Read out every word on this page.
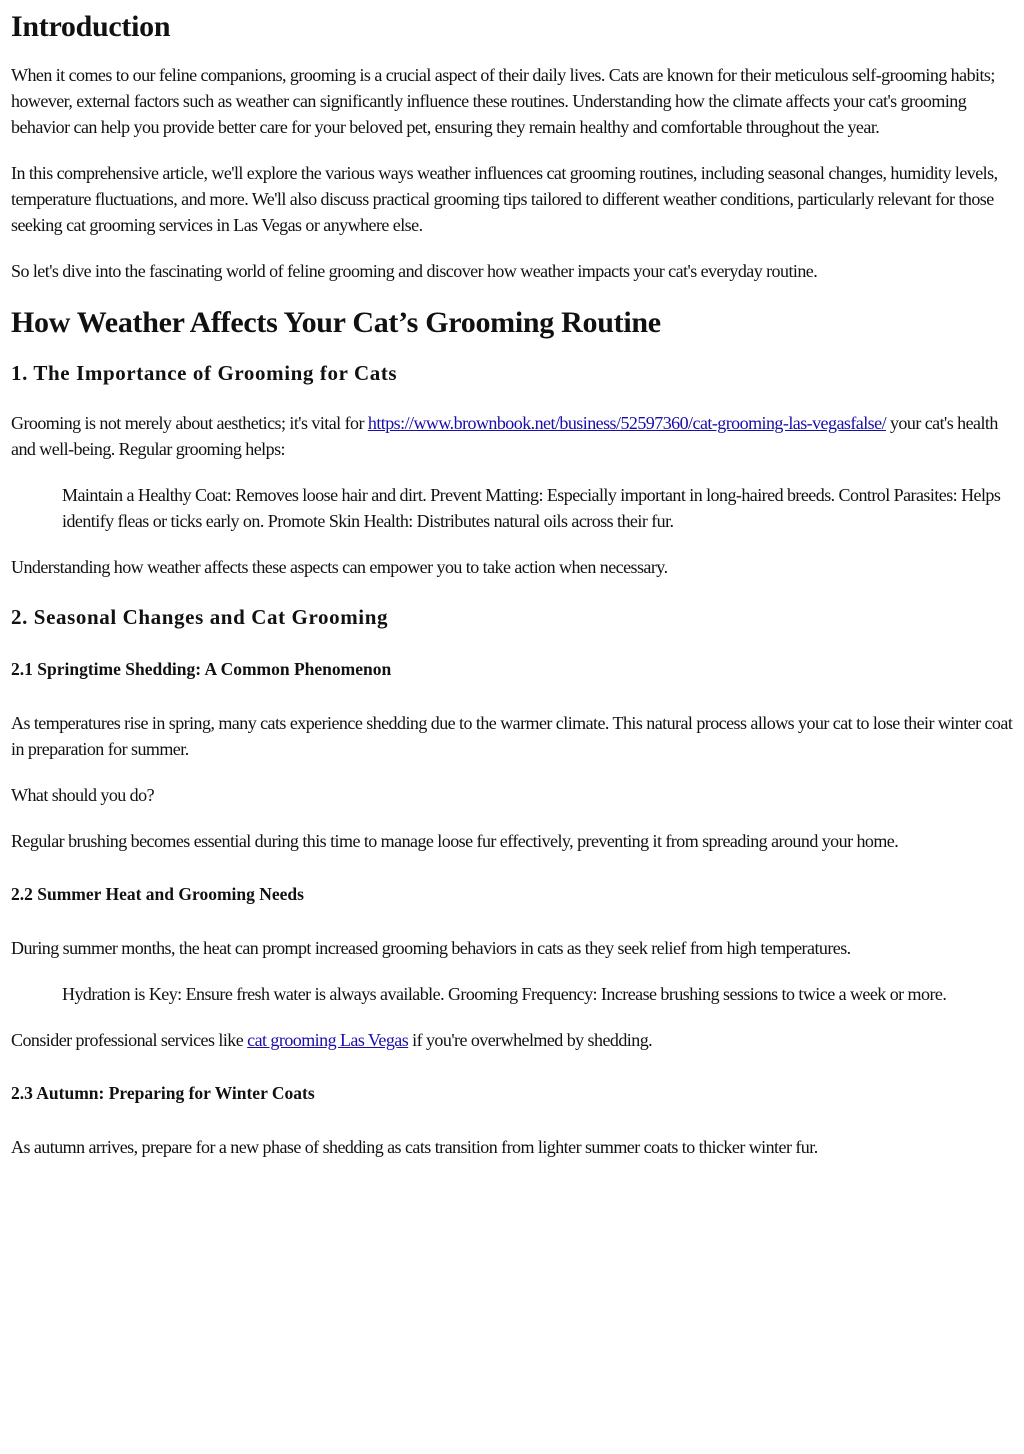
Introduction

When it comes to our feline companions, grooming is a crucial aspect of their daily lives. Cats are known for their meticulous self-grooming habits; however, external factors such as weather can significantly influence these routines. Understanding how the climate affects your cat's grooming behavior can help you provide better care for your beloved pet, ensuring they remain healthy and comfortable throughout the year.

In this comprehensive article, we'll explore the various ways weather influences cat grooming routines, including seasonal changes, humidity levels, temperature fluctuations, and more. We'll also discuss practical grooming tips tailored to different weather conditions, particularly relevant for those seeking cat grooming services in Las Vegas or anywhere else.

So let's dive into the fascinating world of feline grooming and discover how weather impacts your cat's everyday routine.

How Weather Affects Your Cat’s Grooming Routine
1. The Importance of Grooming for Cats

Grooming is not merely about aesthetics; it's vital for https://www.brownbook.net/business/52597360/cat-grooming-las-vegasfalse/ your cat's health and well-being. Regular grooming helps:

Maintain a Healthy Coat: Removes loose hair and dirt. Prevent Matting: Especially important in long-haired breeds. Control Parasites: Helps identify fleas or ticks early on. Promote Skin Health: Distributes natural oils across their fur.

Understanding how weather affects these aspects can empower you to take action when necessary.

2. Seasonal Changes and Cat Grooming
2.1 Springtime Shedding: A Common Phenomenon

As temperatures rise in spring, many cats experience shedding due to the warmer climate. This natural process allows your cat to lose their winter coat in preparation for summer.

What should you do?

Regular brushing becomes essential during this time to manage loose fur effectively, preventing it from spreading around your home.

2.2 Summer Heat and Grooming Needs

During summer months, the heat can prompt increased grooming behaviors in cats as they seek relief from high temperatures.

Hydration is Key: Ensure fresh water is always available. Grooming Frequency: Increase brushing sessions to twice a week or more.

Consider professional services like cat grooming Las Vegas if you're overwhelmed by shedding.

2.3 Autumn: Preparing for Winter Coats

As autumn arrives, prepare for a new phase of shedding as cats transition from lighter summer coats to thicker winter fur.
